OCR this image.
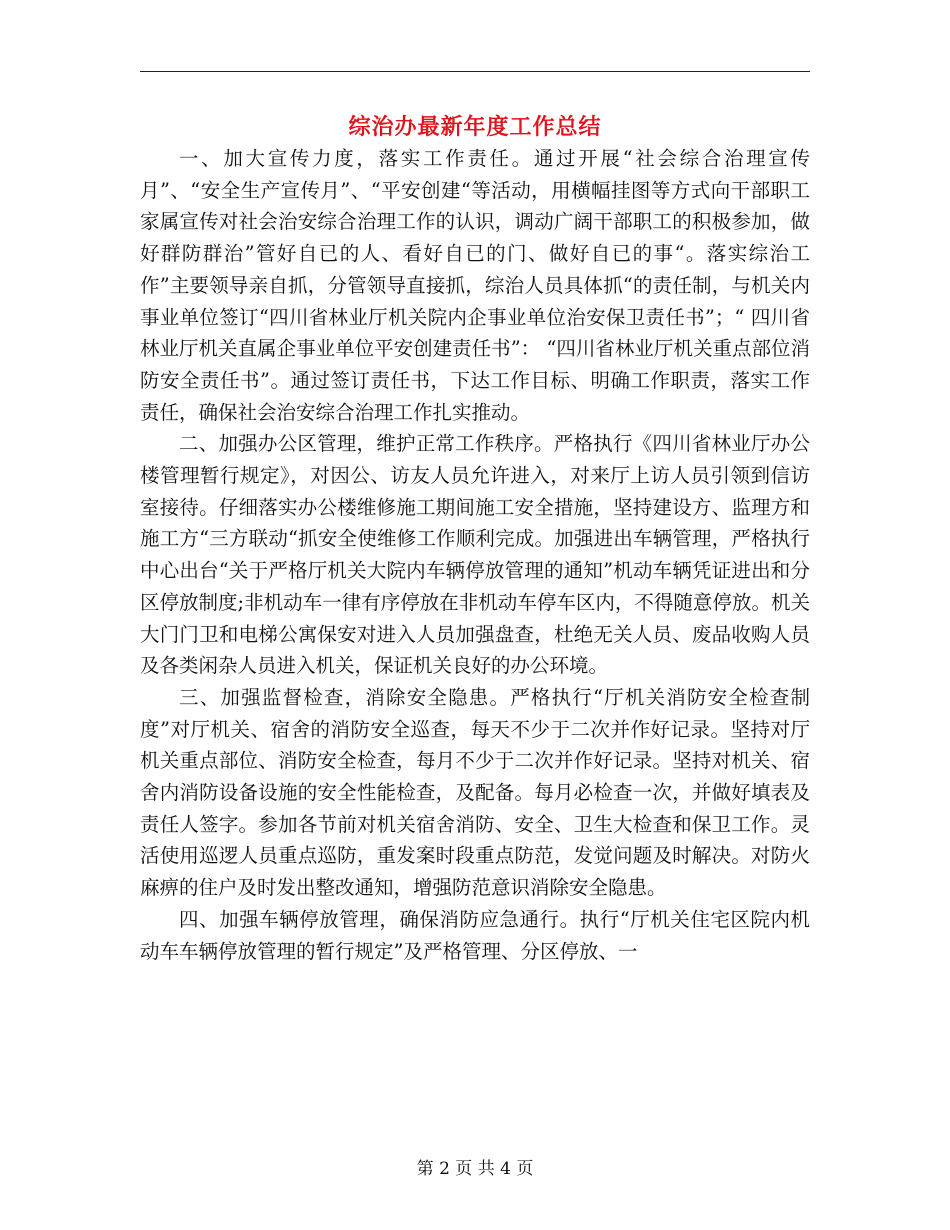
综治办最新年度工作总结

一、加大宣传力度，落实工作责任。通过开展“社会综合治理宣传月”、“安全生产宣传月”、“平安创建“等活动，用横幅挂图等方式向干部职工家属宣传对社会治安综合治理工作的认识，调动广阔干部职工的积极参加，做好群防群治”管好自已的人、看好自已的门、做好自已的事“。落实综治工作”主要领导亲自抓，分管领导直接抓，综治人员具体抓“的责任制，与机关内事业单位签订“四川省林业厅机关院内企事业单位治安保卫责任书”；“ 四川省林业厅机关直属企事业单位平安创建责任书”： “四川省林业厅机关重点部位消防安全责任书”。通过签订责任书，下达工作目标、明确工作职责，落实工作责任，确保社会治安综合治理工作扎实推动。

二、加强办公区管理，维护正常工作秩序。严格执行《四川省林业厅办公楼管理暂行规定》，对因公、访友人员允许进入，对来厅上访人员引领到信访室接待。仔细落实办公楼维修施工期间施工安全措施，坚持建设方、监理方和施工方“三方联动“抓安全使维修工作顺利完成。加强进出车辆管理，严格执行中心出台“关于严格厅机关大院内车辆停放管理的通知”机动车辆凭证进出和分区停放制度;非机动车一律有序停放在非机动车停车区内，不得随意停放。机关大门门卫和电梯公寓保安对进入人员加强盘查，杜绝无关人员、废品收购人员及各类闲杂人员进入机关，保证机关良好的办公环境。

三、加强监督检查，消除安全隐患。严格执行“厅机关消防安全检查制度”对厅机关、宿舍的消防安全巡查，每天不少于二次并作好记录。坚持对厅机关重点部位、消防安全检查，每月不少于二次并作好记录。坚持对机关、宿舍内消防设备设施的安全性能检查，及配备。每月必检查一次，并做好填表及责任人签字。参加各节前对机关宿舍消防、安全、卫生大检查和保卫工作。灵活使用巡逻人员重点巡防，重发案时段重点防范，发觉问题及时解决。对防火麻痹的住户及时发出整改通知，增强防范意识消除安全隐患。

四、加强车辆停放管理，确保消防应急通行。执行“厅机关住宅区院内机动车车辆停放管理的暂行规定”及严格管理、分区停放、一

第 2 页 共 4 页
